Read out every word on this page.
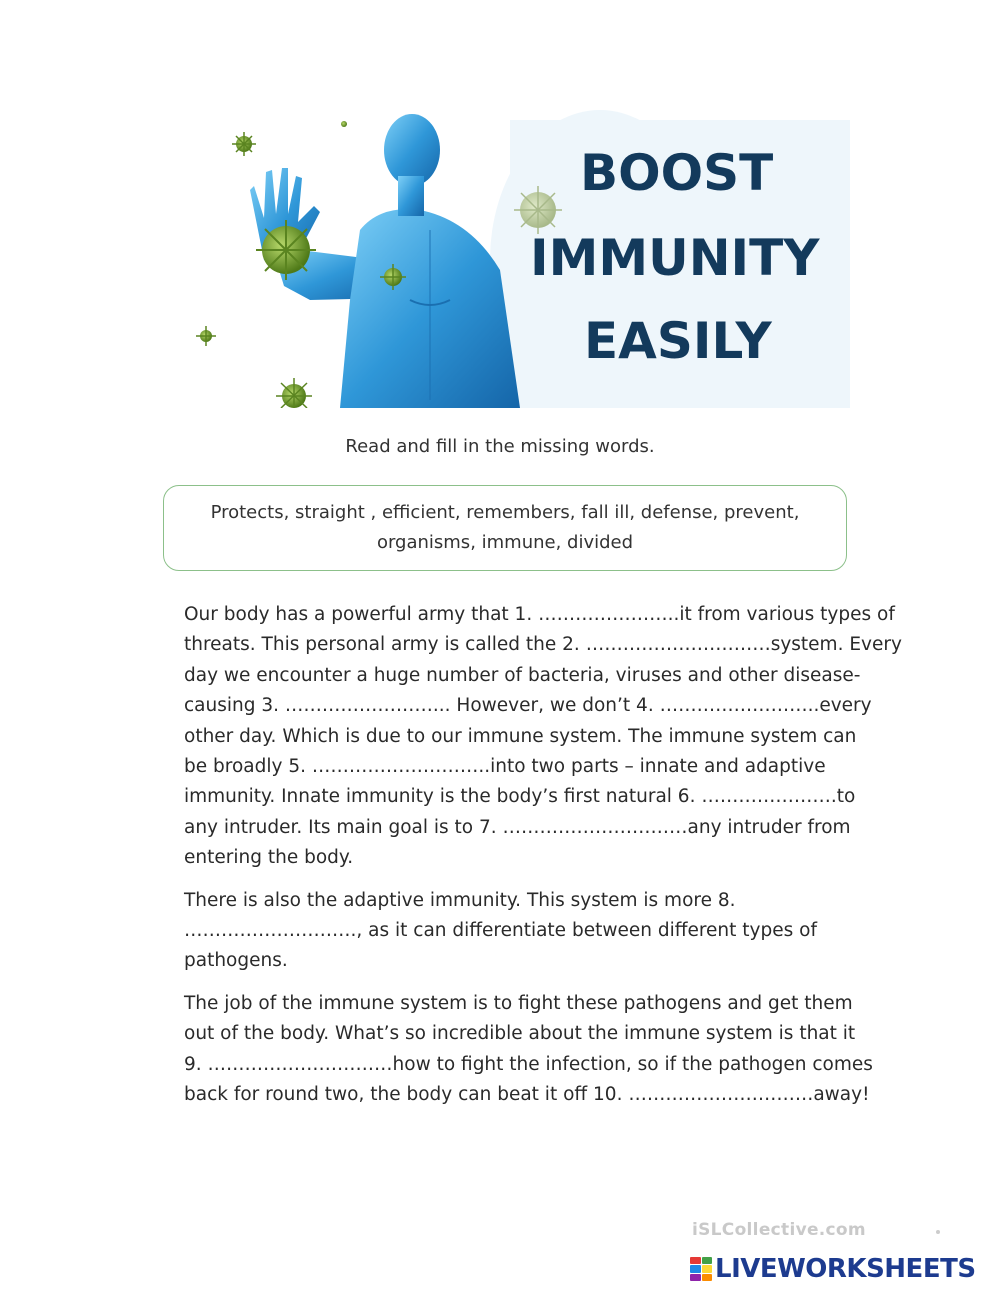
BOOST
IMMUNITY
EASILY
Read and fill in the missing words.
Protects, straight , efficient, remembers, fall ill, defense, prevent,
organisms, immune, divided

Our body has a powerful army that 1. …………………..it from various types of
threats. This personal army is called the 2. …………………………system. Every
day we encounter a huge number of bacteria, viruses and other disease-
causing 3. ……………………... However, we don’t 4. ……………………..every
other day. Which is due to our immune system. The immune system can
be broadly 5. ………………………..into two parts – innate and adaptive
immunity. Innate immunity is the body’s first natural 6. ………………….to
any intruder. Its main goal is to 7. …………………………any intruder from
entering the body.

There is also the adaptive immunity. This system is more 8.
………………………., as it can differentiate between different types of
pathogens.

The job of the immune system is to fight these pathogens and get them
out of the body. What’s so incredible about the immune system is that it
9. …………………………how to fight the infection, so if the pathogen comes
back for round two, the body can beat it off 10. …………………………away!

iSLCollective.com
LIVEWORKSHEETS
